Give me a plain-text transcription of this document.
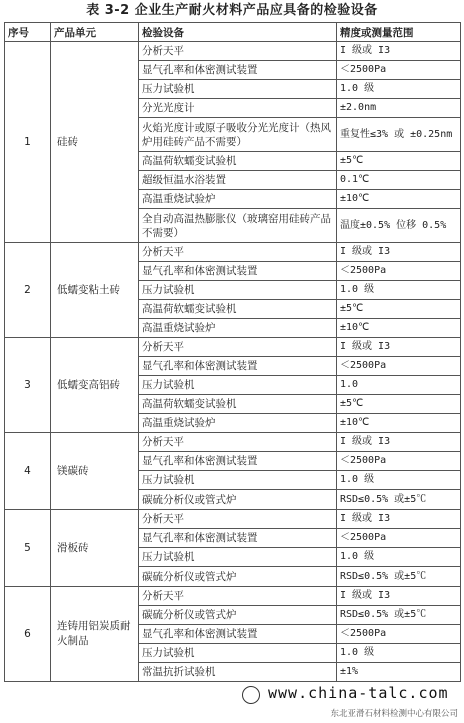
表 3-2 企业生产耐火材料产品应具备的检验设备
序号	产品单元	检验设备	精度或测量范围
1	硅砖	分析天平	I 级或 I3
		显气孔率和体密测试装置	＜2500Pa
		压力试验机	1.0 级
		分光光度计	±2.0nm
		火焰光度计或原子吸收分光光度计（热风炉用硅砖产品不需要）	重复性≤3% 或 ±0.25nm
		高温荷软蠕变试验机	±5℃
		超级恒温水浴装置	0.1℃
		高温重烧试验炉	±10℃
		全自动高温热膨胀仪（玻璃窑用硅砖产品不需要）	温度±0.5% 位移 0.5%
2	低蠕变粘土砖	分析天平	I 级或 I3
		显气孔率和体密测试装置	＜2500Pa
		压力试验机	1.0 级
		高温荷软蠕变试验机	±5℃
		高温重烧试验炉	±10℃
3	低蠕变高铝砖	分析天平	I 级或 I3
		显气孔率和体密测试装置	＜2500Pa
		压力试验机	1.0
		高温荷软蠕变试验机	±5℃
		高温重烧试验炉	±10℃
4	镁碳砖	分析天平	I 级或 I3
		显气孔率和体密测试装置	＜2500Pa
		压力试验机	1.0 级
		碳硫分析仪或管式炉	RSD≤0.5% 或±5℃
5	滑板砖	分析天平	I 级或 I3
		显气孔率和体密测试装置	＜2500Pa
		压力试验机	1.0 级
		碳硫分析仪或管式炉	RSD≤0.5% 或±5℃
6	连铸用铝炭质耐火制品	分析天平	I 级或 I3
		碳硫分析仪或管式炉	RSD≤0.5% 或±5℃
		显气孔率和体密测试装置	＜2500Pa
		压力试验机	1.0 级
		常温抗折试验机	±1%
www.china-talc.com
东北亚滑石材料检测中心有限公司
